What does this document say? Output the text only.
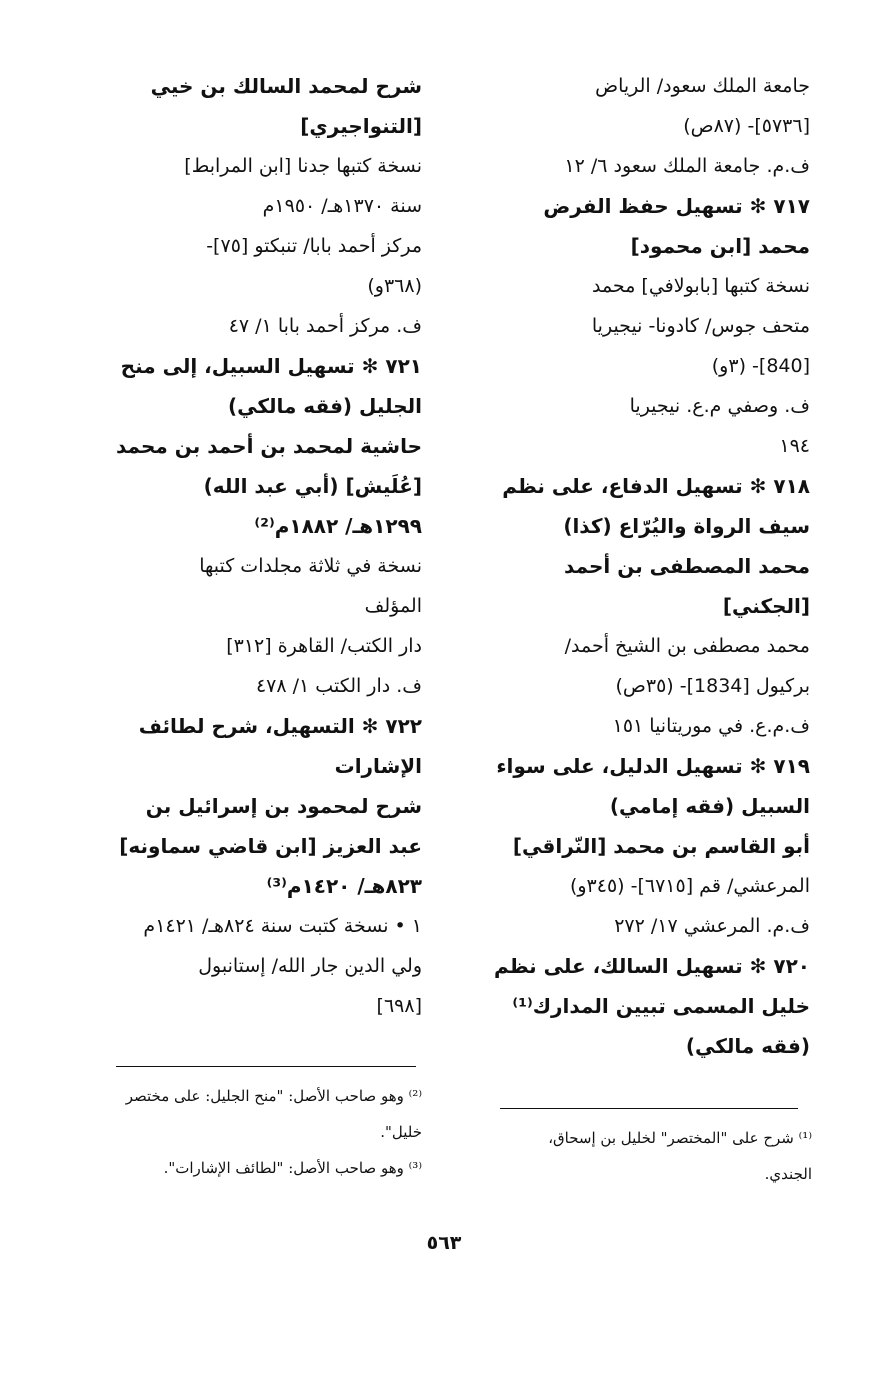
جامعة الملك سعود/ الرياض
[٥٧٣٦]- (٨٧ص)
ف.م. جامعة الملك سعود ٦/ ١٢
٧١٧ ✻ تسهيل حفظ الفرض
محمد [ابن محمود]
نسخة كتبها [بابولافي] محمد
متحف جوس/ كادونا- نيجيريا
[840]- (٣و)
ف. وصفي م.ع. نيجيريا
١٩٤
٧١٨ ✻ تسهيل الدفاع، على نظم
سيف الرواة واليُرّاع (كذا)
محمد المصطفى بن أحمد
[الجكني]
محمد مصطفى بن الشيخ أحمد/
بركيول [1834]- (٣٥ص)
ف.م.ع. في موريتانيا ١٥١
٧١٩ ✻ تسهيل الدليل، على سواء
السبيل (فقه إمامي)
أبو القاسم بن محمد [النّراقي]
المرعشي/ قم [٦٧١٥]- (٣٤٥و)
ف.م. المرعشي ١٧/ ٢٧٢
٧٢٠ ✻ تسهيل السالك، على نظم
خليل المسمى تبيين المدارك⁽¹⁾
(فقه مالكي)
شرح لمحمد السالك بن خيي
[التنواجيري]
نسخة كتبها جدنا [ابن المرابط]
سنة ١٣٧٠هـ/ ١٩٥٠م
مركز أحمد بابا/ تنبكتو [٧٥]-
(٣٦٨و)
ف. مركز أحمد بابا ١/ ٤٧
٧٢١ ✻ تسهيل السبيل، إلى منح
الجليل (فقه مالكي)
حاشية لمحمد بن أحمد بن محمد
[عُلَيش] (أبي عبد الله)
١٢٩٩هـ/ ١٨٨٢م⁽²⁾
نسخة في ثلاثة مجلدات كتبها
المؤلف
دار الكتب/ القاهرة [٣١٢]
ف. دار الكتب ١/ ٤٧٨
٧٢٢ ✻ التسهيل، شرح لطائف
الإشارات
شرح لمحمود بن إسرائيل بن
عبد العزيز [ابن قاضي سماونه]
٨٢٣هـ/ ١٤٢٠م⁽³⁾
١ • نسخة كتبت سنة ٨٢٤هـ/ ١٤٢١م
ولي الدين جار الله/ إستانبول
[٦٩٨]
⁽¹⁾ شرح على "المختصر" لخليل بن إسحاق،
الجندي.
⁽²⁾ وهو صاحب الأصل: "منح الجليل: على مختصر
خليل".
⁽³⁾ وهو صاحب الأصل: "لطائف الإشارات".
٥٦٣
